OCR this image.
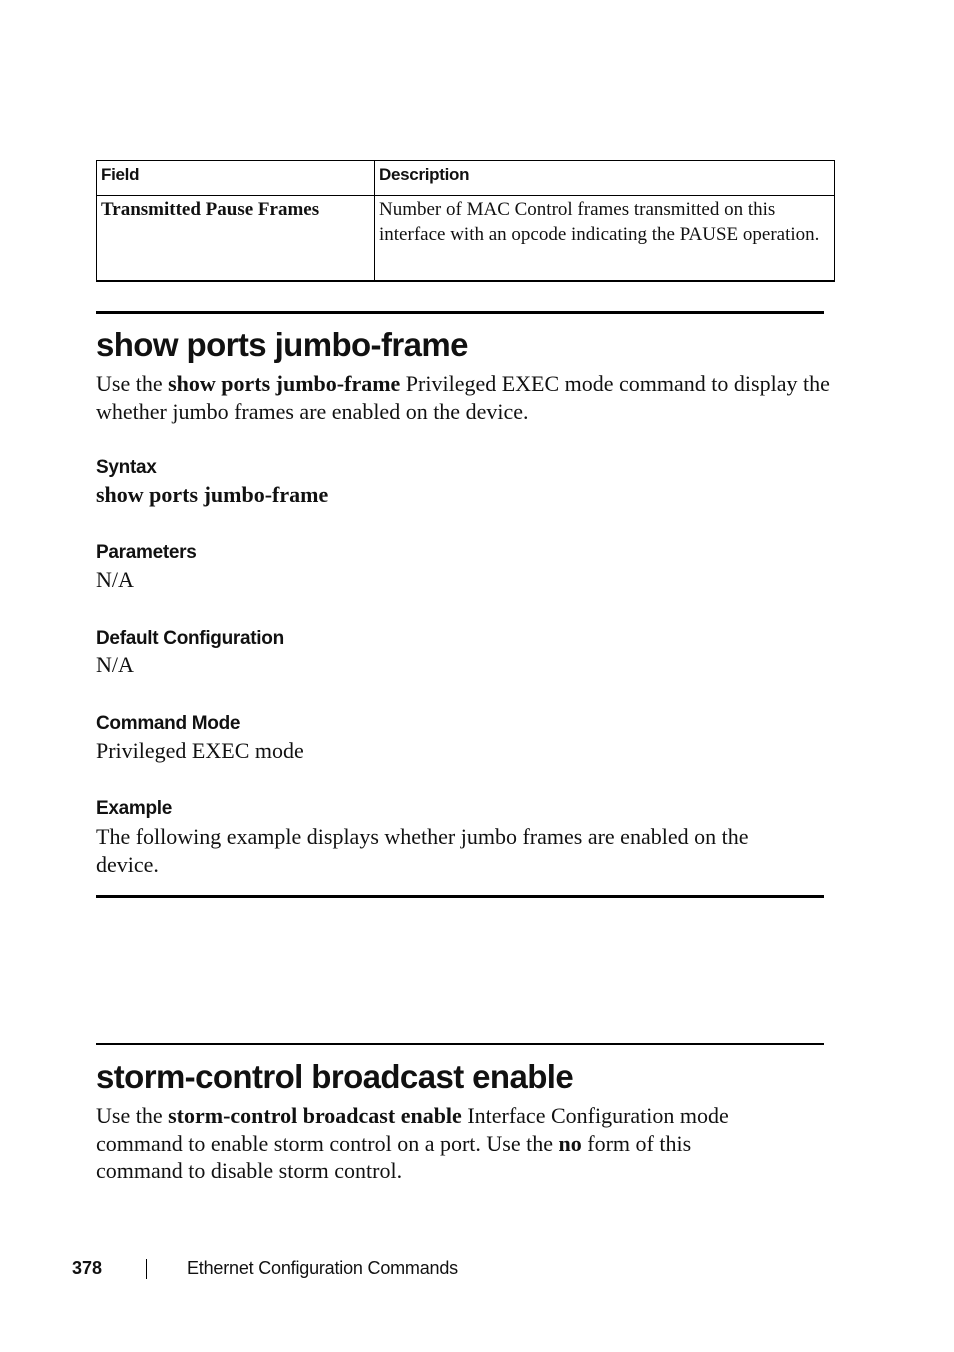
Field	Description
Transmitted Pause Frames	Number of MAC Control frames transmitted on this interface with an opcode indicating the PAUSE operation.
show ports jumbo-frame

Use the show ports jumbo-frame Privileged EXEC mode command to display the whether jumbo frames are enabled on the device.

Syntax

show ports jumbo-frame

Parameters

N/A

Default Configuration

N/A

Command Mode

Privileged EXEC mode

Example

The following example displays whether jumbo frames are enabled on the device.

storm-control broadcast enable

Use the storm-control broadcast enable Interface Configuration mode command to enable storm control on a port. Use the no form of this command to disable storm control.

378	Ethernet Configuration Commands
